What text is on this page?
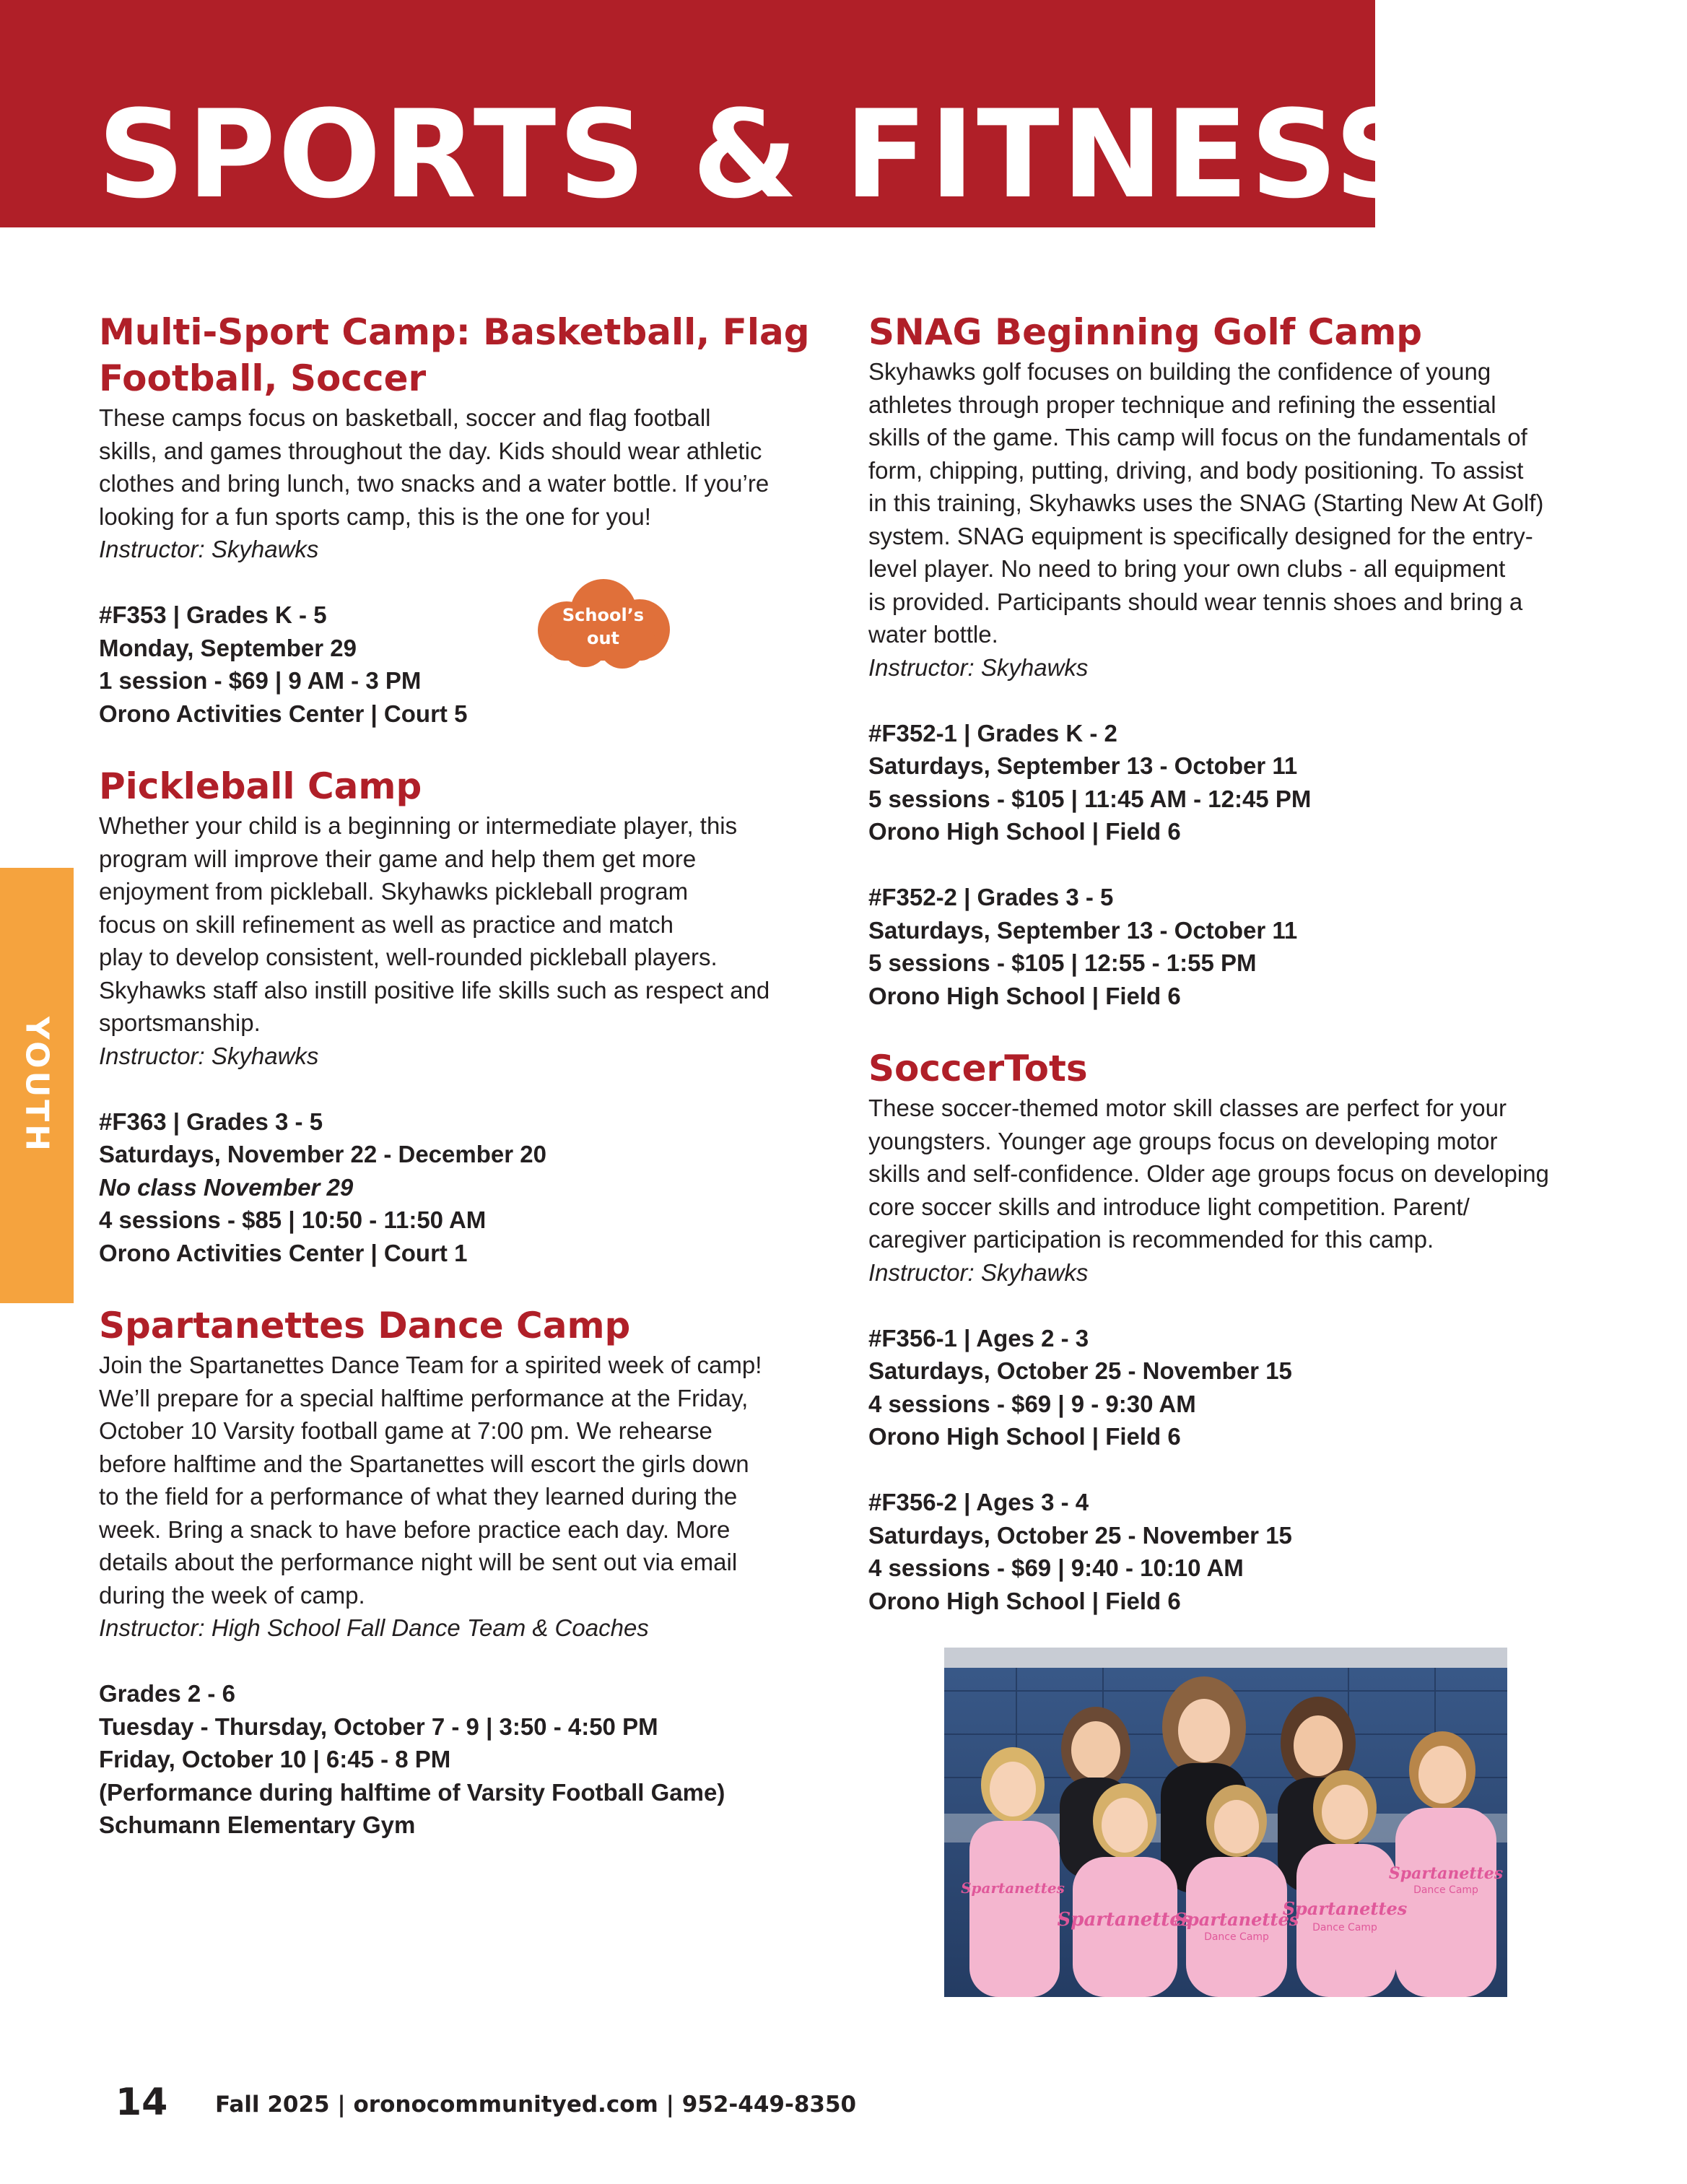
SPORTS & FITNESS
YOUTH
Multi-Sport Camp: Basketball, Flag
Football, Soccer
These camps focus on basketball, soccer and flag football
skills, and games throughout the day. Kids should wear athletic
clothes and bring lunch, two snacks and a water bottle. If you’re
looking for a fun sports camp, this is the one for you!
Instructor: Skyhawks
#F353 | Grades K - 5
Monday, September 29
1 session - $69 | 9 AM - 3 PM
Orono Activities Center | Court 5
Pickleball Camp
Whether your child is a beginning or intermediate player, this
program will improve their game and help them get more
enjoyment from pickleball. Skyhawks pickleball program
focus on skill refinement as well as practice and match
play to develop consistent, well-rounded pickleball players.
Skyhawks staff also instill positive life skills such as respect and
sportsmanship.
Instructor: Skyhawks
#F363 | Grades 3 - 5
Saturdays, November 22 - December 20
No class November 29
4 sessions - $85 | 10:50 - 11:50 AM
Orono Activities Center | Court 1
Spartanettes Dance Camp
Join the Spartanettes Dance Team for a spirited week of camp!
We’ll prepare for a special halftime performance at the Friday,
October 10 Varsity football game at 7:00 pm. We rehearse
before halftime and the Spartanettes will escort the girls down
to the field for a performance of what they learned during the
week. Bring a snack to have before practice each day. More
details about the performance night will be sent out via email
during the week of camp.
Instructor: High School Fall Dance Team & Coaches
Grades 2 - 6
Tuesday - Thursday, October 7 - 9 | 3:50 - 4:50 PM
Friday, October 10 | 6:45 - 8 PM
(Performance during halftime of Varsity Football Game)
Schumann Elementary Gym
SNAG Beginning Golf Camp
Skyhawks golf focuses on building the confidence of young
athletes through proper technique and refining the essential
skills of the game. This camp will focus on the fundamentals of
form, chipping, putting, driving, and body positioning. To assist
in this training, Skyhawks uses the SNAG (Starting New At Golf)
system. SNAG equipment is specifically designed for the entry-
level player. No need to bring your own clubs - all equipment
is provided. Participants should wear tennis shoes and bring a
water bottle.
Instructor: Skyhawks
#F352-1 | Grades K - 2
Saturdays, September 13 - October 11
5 sessions - $105 | 11:45 AM - 12:45 PM
Orono High School | Field 6
#F352-2 | Grades 3 - 5
Saturdays, September 13 - October 11
5 sessions - $105 | 12:55 - 1:55 PM
Orono High School | Field 6
SoccerTots
These soccer-themed motor skill classes are perfect for your
youngsters. Younger age groups focus on developing motor
skills and self-confidence. Older age groups focus on developing
core soccer skills and introduce light competition. Parent/
caregiver participation is recommended for this camp.
Instructor: Skyhawks
#F356-1 | Ages 2 - 3
Saturdays, October 25 - November 15
4 sessions - $69 | 9 - 9:30 AM
Orono High School | Field 6
#F356-2 | Ages 3 - 4
Saturdays, October 25 - November 15
4 sessions - $69 | 9:40 - 10:10 AM
Orono High School | Field 6
School’s
out
Spartanettes
Spartanettes
Spartanettes
Spartanettes
Spartanettes
Dance Camp
Dance Camp
Dance Camp
14 Fall 2025 | oronocommunityed.com | 952-449-8350
